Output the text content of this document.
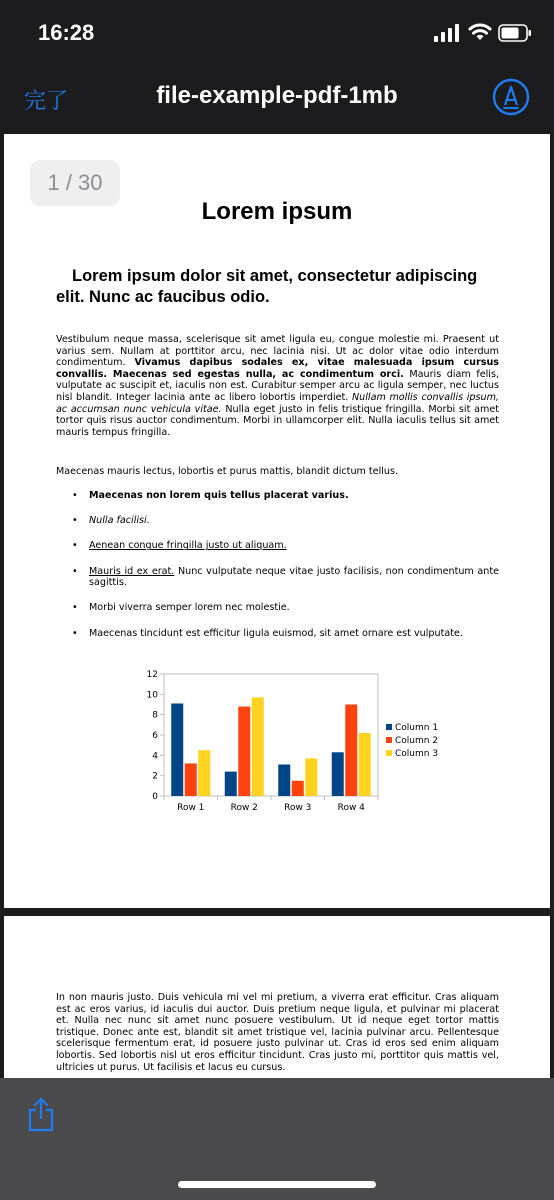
16:28
完了	file-example-pdf-1mb
1 / 30
Lorem ipsum
Lorem ipsum dolor sit amet, consectetur adipiscing elit. Nunc ac faucibus odio.
Vestibulum neque massa, scelerisque sit amet ligula eu, congue molestie mi. Praesent ut varius sem. Nullam at porttitor arcu, nec lacinia nisi. Ut ac dolor vitae odio interdum condimentum. Vivamus dapibus sodales ex, vitae malesuada ipsum cursus convallis. Maecenas sed egestas nulla, ac condimentum orci. Mauris diam felis, vulputate ac suscipit et, iaculis non est. Curabitur semper arcu ac ligula semper, nec luctus nisl blandit. Integer lacinia ante ac libero lobortis imperdiet. Nullam mollis convallis ipsum, ac accumsan nunc vehicula vitae. Nulla eget justo in felis tristique fringilla. Morbi sit amet tortor quis risus auctor condimentum. Morbi in ullamcorper elit. Nulla iaculis tellus sit amet mauris tempus fringilla.
Maecenas mauris lectus, lobortis et purus mattis, blandit dictum tellus.
• Maecenas non lorem quis tellus placerat varius.
• Nulla facilisi.
• Aenean congue fringilla justo ut aliquam.
• Mauris id ex erat. Nunc vulputate neque vitae justo facilisis, non condimentum ante sagittis.
• Morbi viverra semper lorem nec molestie.
• Maecenas tincidunt est efficitur ligula euismod, sit amet ornare est vulputate.
0
2
4
6
8
10
12
Row 1	Row 2	Row 3	Row 4
Column 1
Column 2
Column 3
In non mauris justo. Duis vehicula mi vel mi pretium, a viverra erat efficitur. Cras aliquam est ac eros varius, id iaculis dui auctor. Duis pretium neque ligula, et pulvinar mi placerat et. Nulla nec nunc sit amet nunc posuere vestibulum. Ut id neque eget tortor mattis tristique. Donec ante est, blandit sit amet tristique vel, lacinia pulvinar arcu. Pellentesque scelerisque fermentum erat, id posuere justo pulvinar ut. Cras id eros sed enim aliquam lobortis. Sed lobortis nisl ut eros efficitur tincidunt. Cras justo mi, porttitor quis mattis vel, ultricies ut purus. Ut facilisis et lacus eu cursus.
